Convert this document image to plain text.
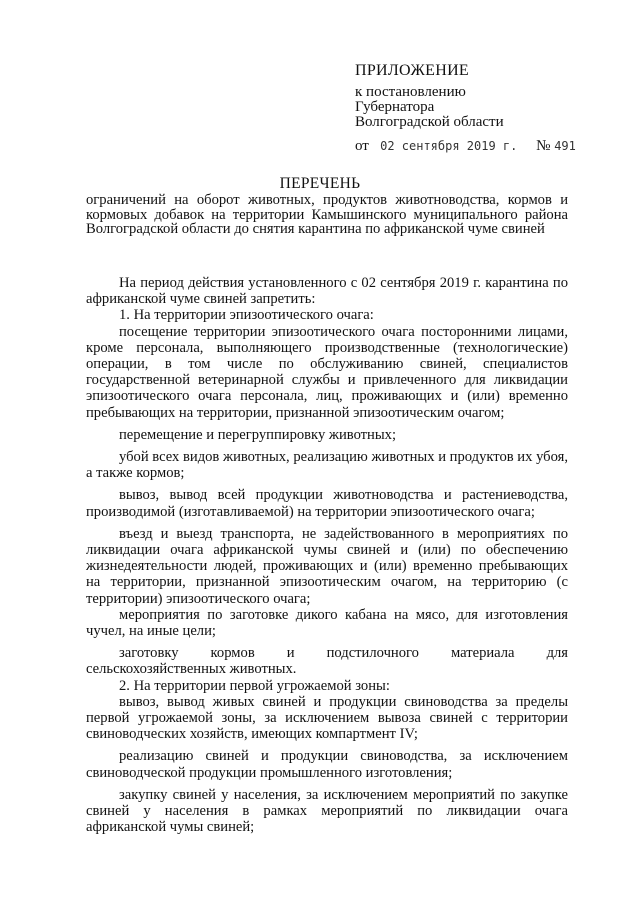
ПРИЛОЖЕНИЕ
к постановлению
Губернатора
Волгоградской области
от 02 сентября 2019 г. № 491
ПЕРЕЧЕНЬ
ограничений на оборот животных, продуктов животноводства, кормов и кормовых добавок на территории Камышинского муниципального района Волгоградской области до снятия карантина по африканской чуме свиней

На период действия установленного с 02 сентября 2019 г. карантина по африканской чуме свиней запретить:

1. На территории эпизоотического очага:

посещение территории эпизоотического очага посторонними лицами, кроме персонала, выполняющего производственные (технологические) операции, в том числе по обслуживанию свиней, специалистов государственной ветеринарной службы и привлеченного для ликвидации эпизоотического очага персонала, лиц, проживающих и (или) временно пребывающих на территории, признанной эпизоотическим очагом;

перемещение и перегруппировку животных;

убой всех видов животных, реализацию животных и продуктов их убоя, а также кормов;

вывоз, вывод всей продукции животноводства и растениеводства, производимой (изготавливаемой) на территории эпизоотического очага;

въезд и выезд транспорта, не задействованного в мероприятиях по ликвидации очага африканской чумы свиней и (или) по обеспечению жизнедеятельности людей, проживающих и (или) временно пребывающих на территории, признанной эпизоотическим очагом, на территорию (с территории) эпизоотического очага;

мероприятия по заготовке дикого кабана на мясо, для изготовления чучел, на иные цели;

заготовку кормов и подстилочного материала для сельскохозяйственных животных.

2. На территории первой угрожаемой зоны:

вывоз, вывод живых свиней и продукции свиноводства за пределы первой угрожаемой зоны, за исключением вывоза свиней с территории свиноводческих хозяйств, имеющих компартмент IV;

реализацию свиней и продукции свиноводства, за исключением свиноводческой продукции промышленного изготовления;

закупку свиней у населения, за исключением мероприятий по закупке свиней у населения в рамках мероприятий по ликвидации очага африканской чумы свиней;
